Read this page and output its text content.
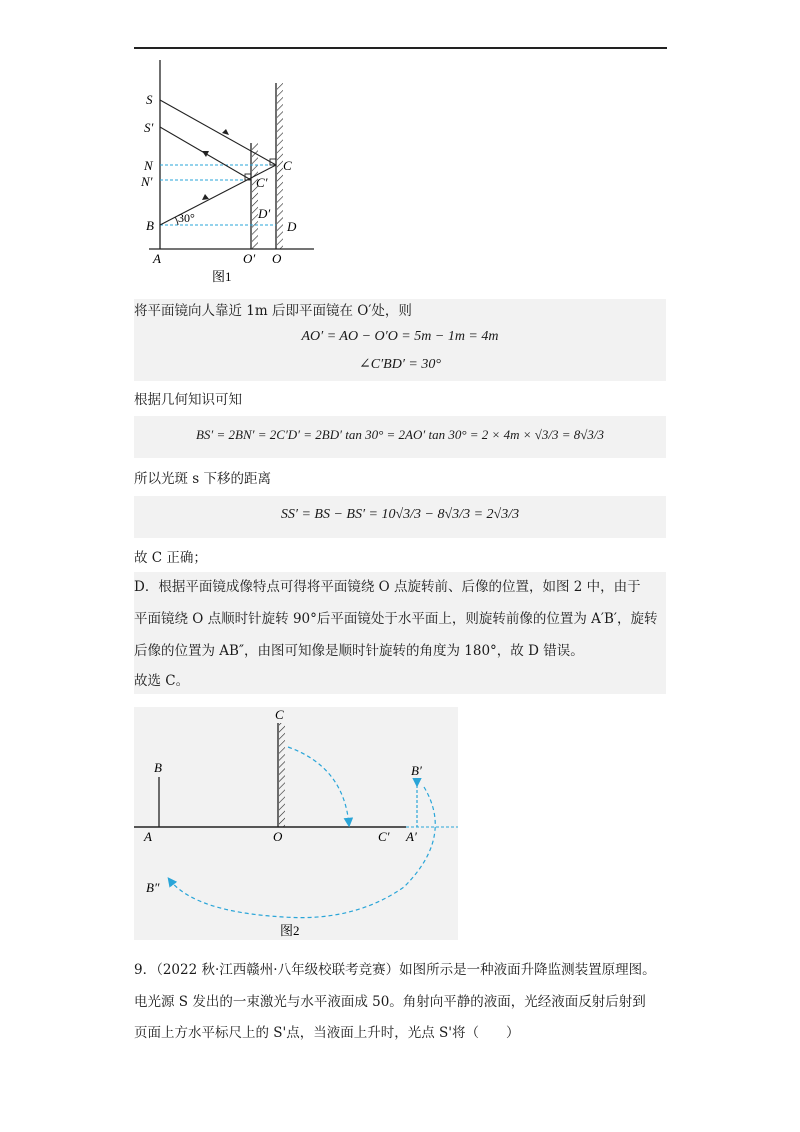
S
S′
N
N′
B 30°
A
C
C′
D′
D
O′ O
图1
将平面镜向人靠近 1m 后即平面镜在 O′处，则
AO′ = AO − O′O = 5m − 1m = 4m
∠C′BD′ = 30°
根据几何知识可知
BS′ = 2BN′ = 2C′D′ = 2BD′ tan 30° = 2AO′ tan 30° = 2 × 4m × √3/3 = 8√3/3
所以光斑 s 下移的距离
SS′ = BS − BS′ = 10√3/3 − 8√3/3 = 2√3/3
故 C 正确；
D．根据平面镜成像特点可得将平面镜绕 O 点旋转前、后像的位置，如图 2 中，由于
平面镜绕 O 点顺时针旋转 90°后平面镜处于水平面上，则旋转前像的位置为 A′B′，旋转
后像的位置为 AB″，由图可知像是顺时针旋转的角度为 180°，故 D 错误。
故选 C。
C
B	B′
A	O	C′ A′
B″
图2
9．（2022 秋·江西赣州·八年级校联考竞赛）如图所示是一种液面升降监测装置原理图。
电光源 S 发出的一束激光与水平液面成 50。角射向平静的液面，光经液面反射后射到
页面上方水平标尺上的 S'点，当液面上升时，光点 S'将（　　）
